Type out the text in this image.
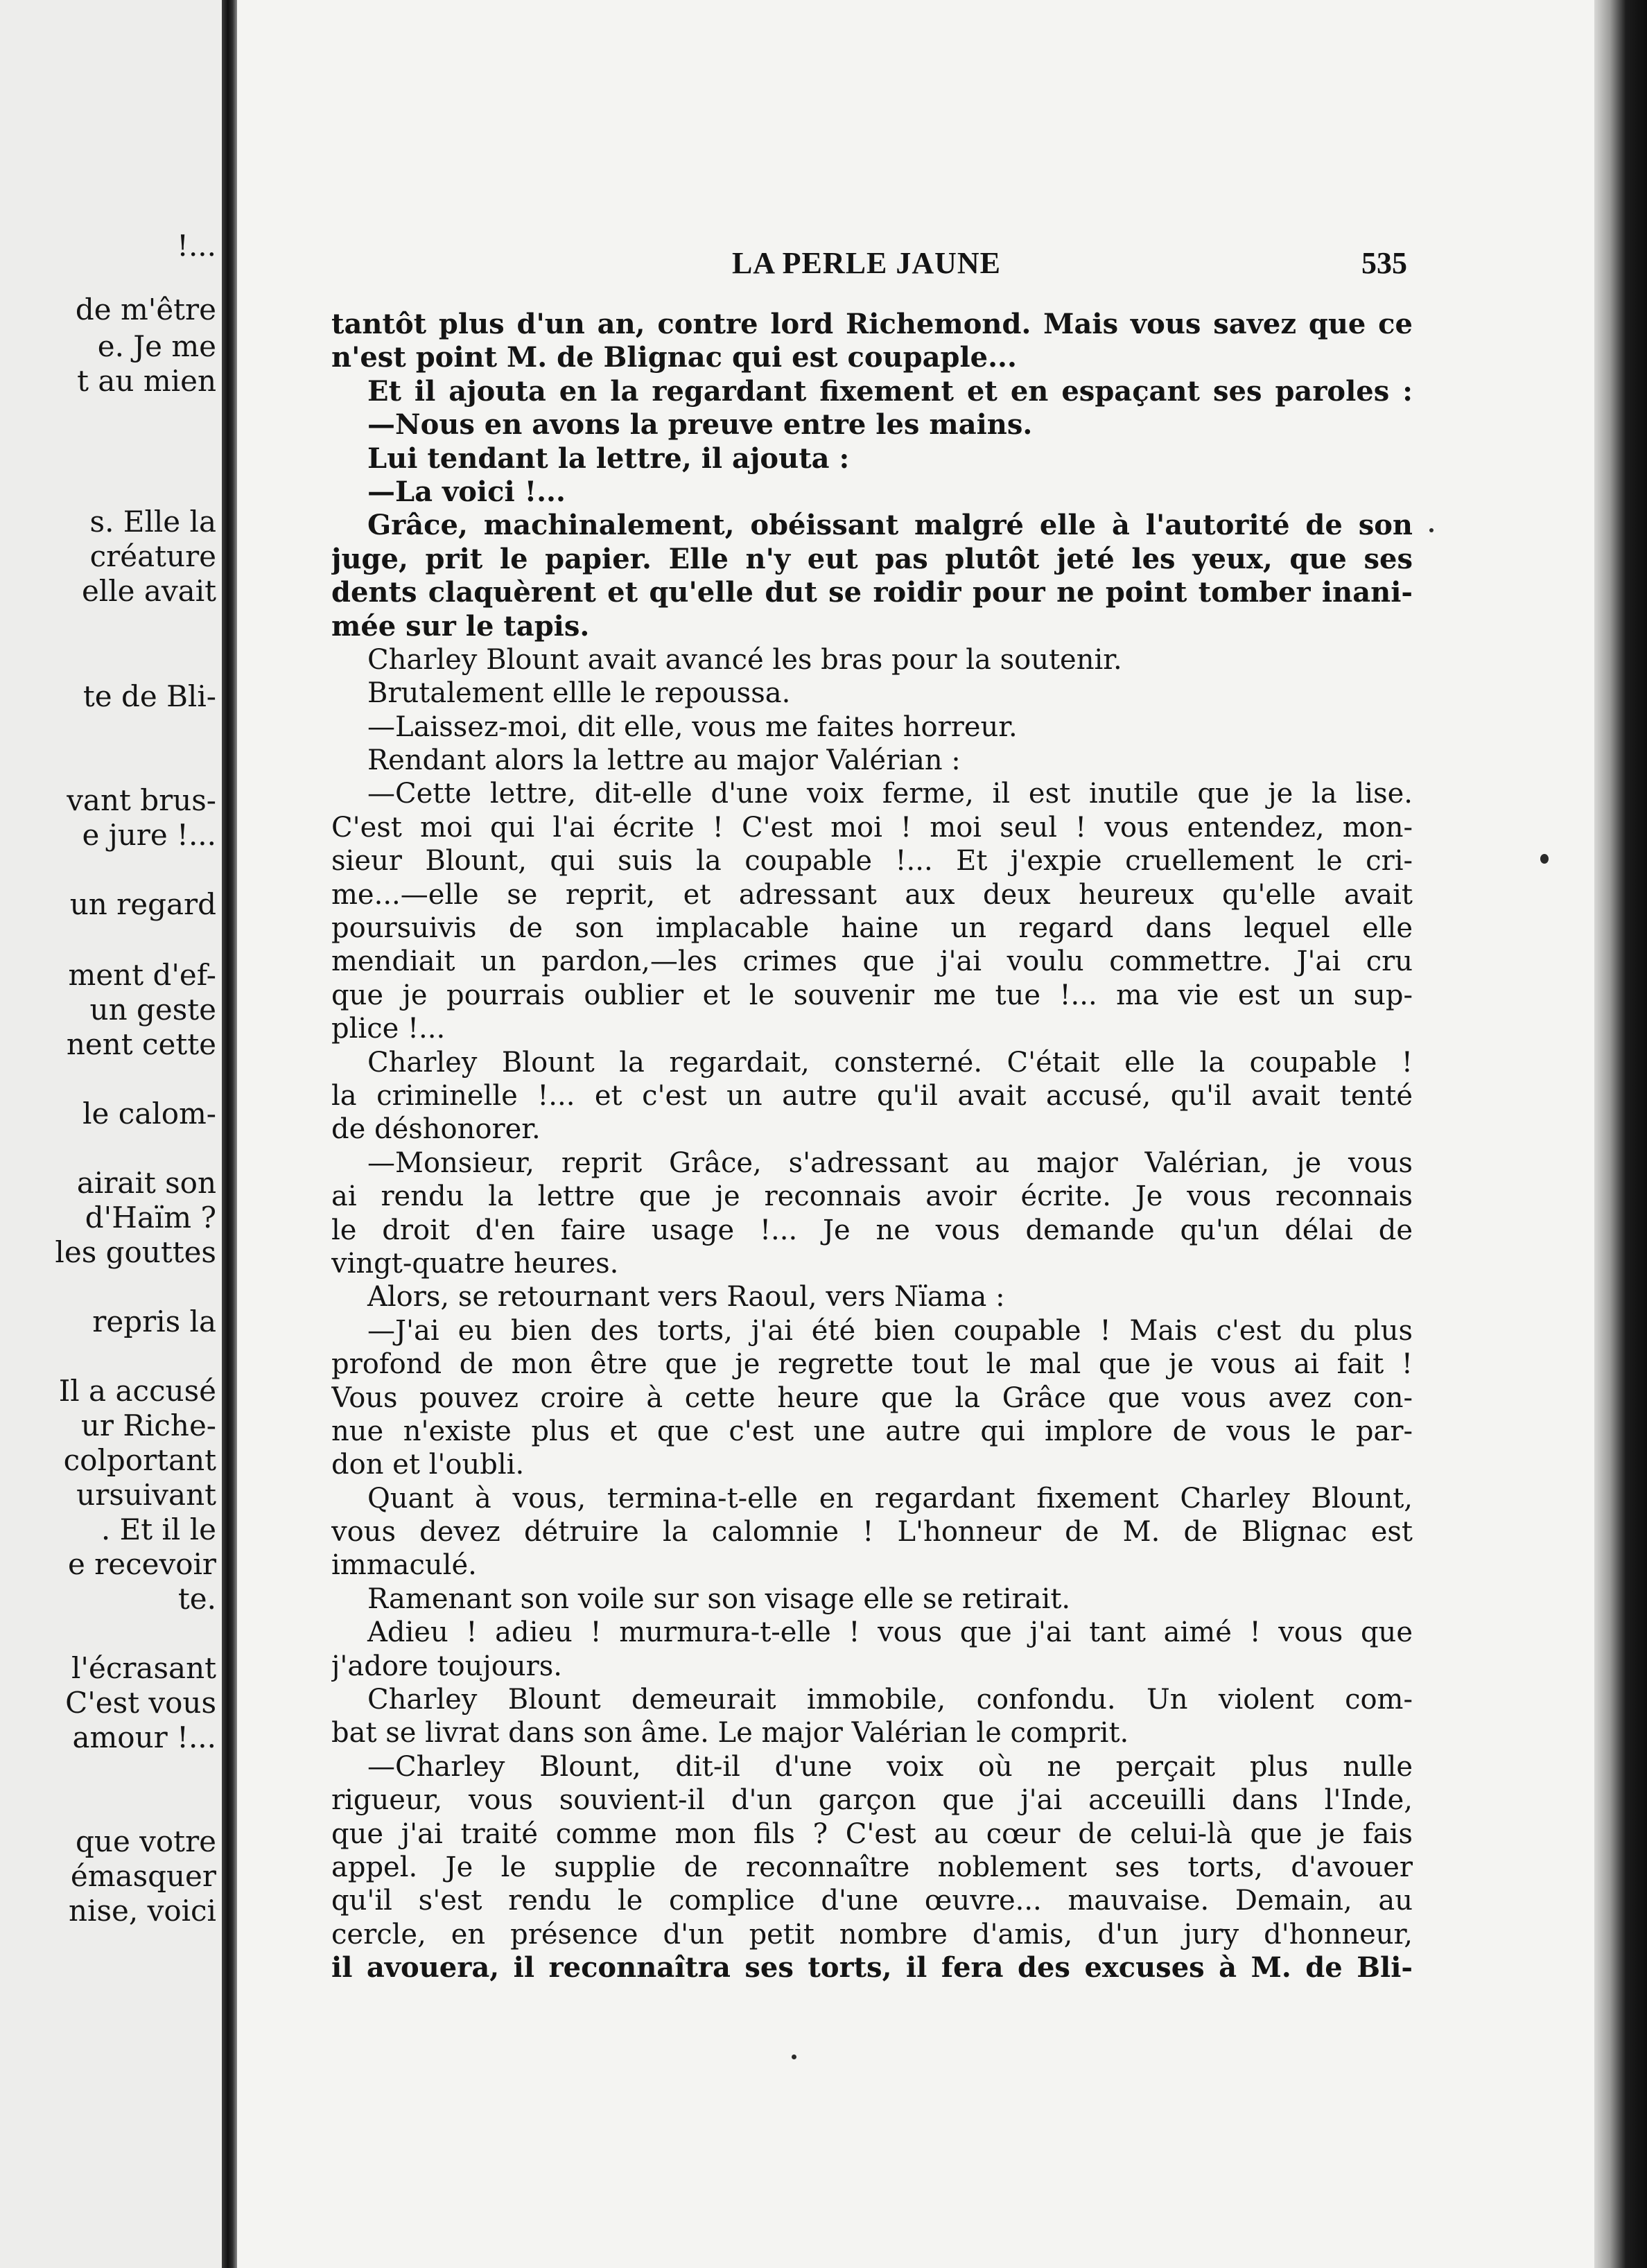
!...
de m'être
e. Je me
t au mien
s. Elle la
créature
elle avait
te de Bli-
vant brus-
e jure !...
un regard
ment d'ef-
un geste
nent cette
le calom-
airait son
d'Haïm ?
les gouttes
repris la
Il a accusé
ur Riche-
colportant
ursuivant
. Et il le
e recevoir
te.
l'écrasant
C'est vous
amour !...
que votre
émasquer
nise, voici
LA PERLE JAUNE	535
tantôt plus d'un an, contre lord Richemond. Mais vous savez que ce
n'est point M. de Blignac qui est coupaple...
Et il ajouta en la regardant fixement et en espaçant ses paroles :
—Nous en avons la preuve entre les mains.
Lui tendant la lettre, il ajouta :
—La voici !...
Grâce, machinalement, obéissant malgré elle à l'autorité de son
juge, prit le papier. Elle n'y eut pas plutôt jeté les yeux, que ses
dents claquèrent et qu'elle dut se roidir pour ne point tomber inani-
mée sur le tapis.
Charley Blount avait avancé les bras pour la soutenir.
Brutalement ellle le repoussa.
—Laissez-moi, dit elle, vous me faites horreur.
Rendant alors la lettre au major Valérian :
—Cette lettre, dit-elle d'une voix ferme, il est inutile que je la lise.
C'est moi qui l'ai écrite ! C'est moi ! moi seul ! vous entendez, mon-
sieur Blount, qui suis la coupable !... Et j'expie cruellement le cri-
me...—elle se reprit, et adressant aux deux heureux qu'elle avait
poursuivis de son implacable haine un regard dans lequel elle
mendiait un pardon,—les crimes que j'ai voulu commettre. J'ai cru
que je pourrais oublier et le souvenir me tue !... ma vie est un sup-
plice !...
Charley Blount la regardait, consterné. C'était elle la coupable !
la criminelle !... et c'est un autre qu'il avait accusé, qu'il avait tenté
de déshonorer.
—Monsieur, reprit Grâce, s'adressant au major Valérian, je vous
ai rendu la lettre que je reconnais avoir écrite. Je vous reconnais
le droit d'en faire usage !... Je ne vous demande qu'un délai de
vingt-quatre heures.
Alors, se retournant vers Raoul, vers Nïama :
—J'ai eu bien des torts, j'ai été bien coupable ! Mais c'est du plus
profond de mon être que je regrette tout le mal que je vous ai fait !
Vous pouvez croire à cette heure que la Grâce que vous avez con-
nue n'existe plus et que c'est une autre qui implore de vous le par-
don et l'oubli.
Quant à vous, termina-t-elle en regardant fixement Charley Blount,
vous devez détruire la calomnie ! L'honneur de M. de Blignac est
immaculé.
Ramenant son voile sur son visage elle se retirait.
Adieu ! adieu ! murmura-t-elle ! vous que j'ai tant aimé ! vous que
j'adore toujours.
Charley Blount demeurait immobile, confondu. Un violent com-
bat se livrat dans son âme. Le major Valérian le comprit.
—Charley Blount, dit-il d'une voix où ne perçait plus nulle
rigueur, vous souvient-il d'un garçon que j'ai acceuilli dans l'Inde,
que j'ai traité comme mon fils ? C'est au cœur de celui-là que je fais
appel. Je le supplie de reconnaître noblement ses torts, d'avouer
qu'il s'est rendu le complice d'une œuvre... mauvaise. Demain, au
cercle, en présence d'un petit nombre d'amis, d'un jury d'honneur,
il avouera, il reconnaîtra ses torts, il fera des excuses à M. de Bli-
